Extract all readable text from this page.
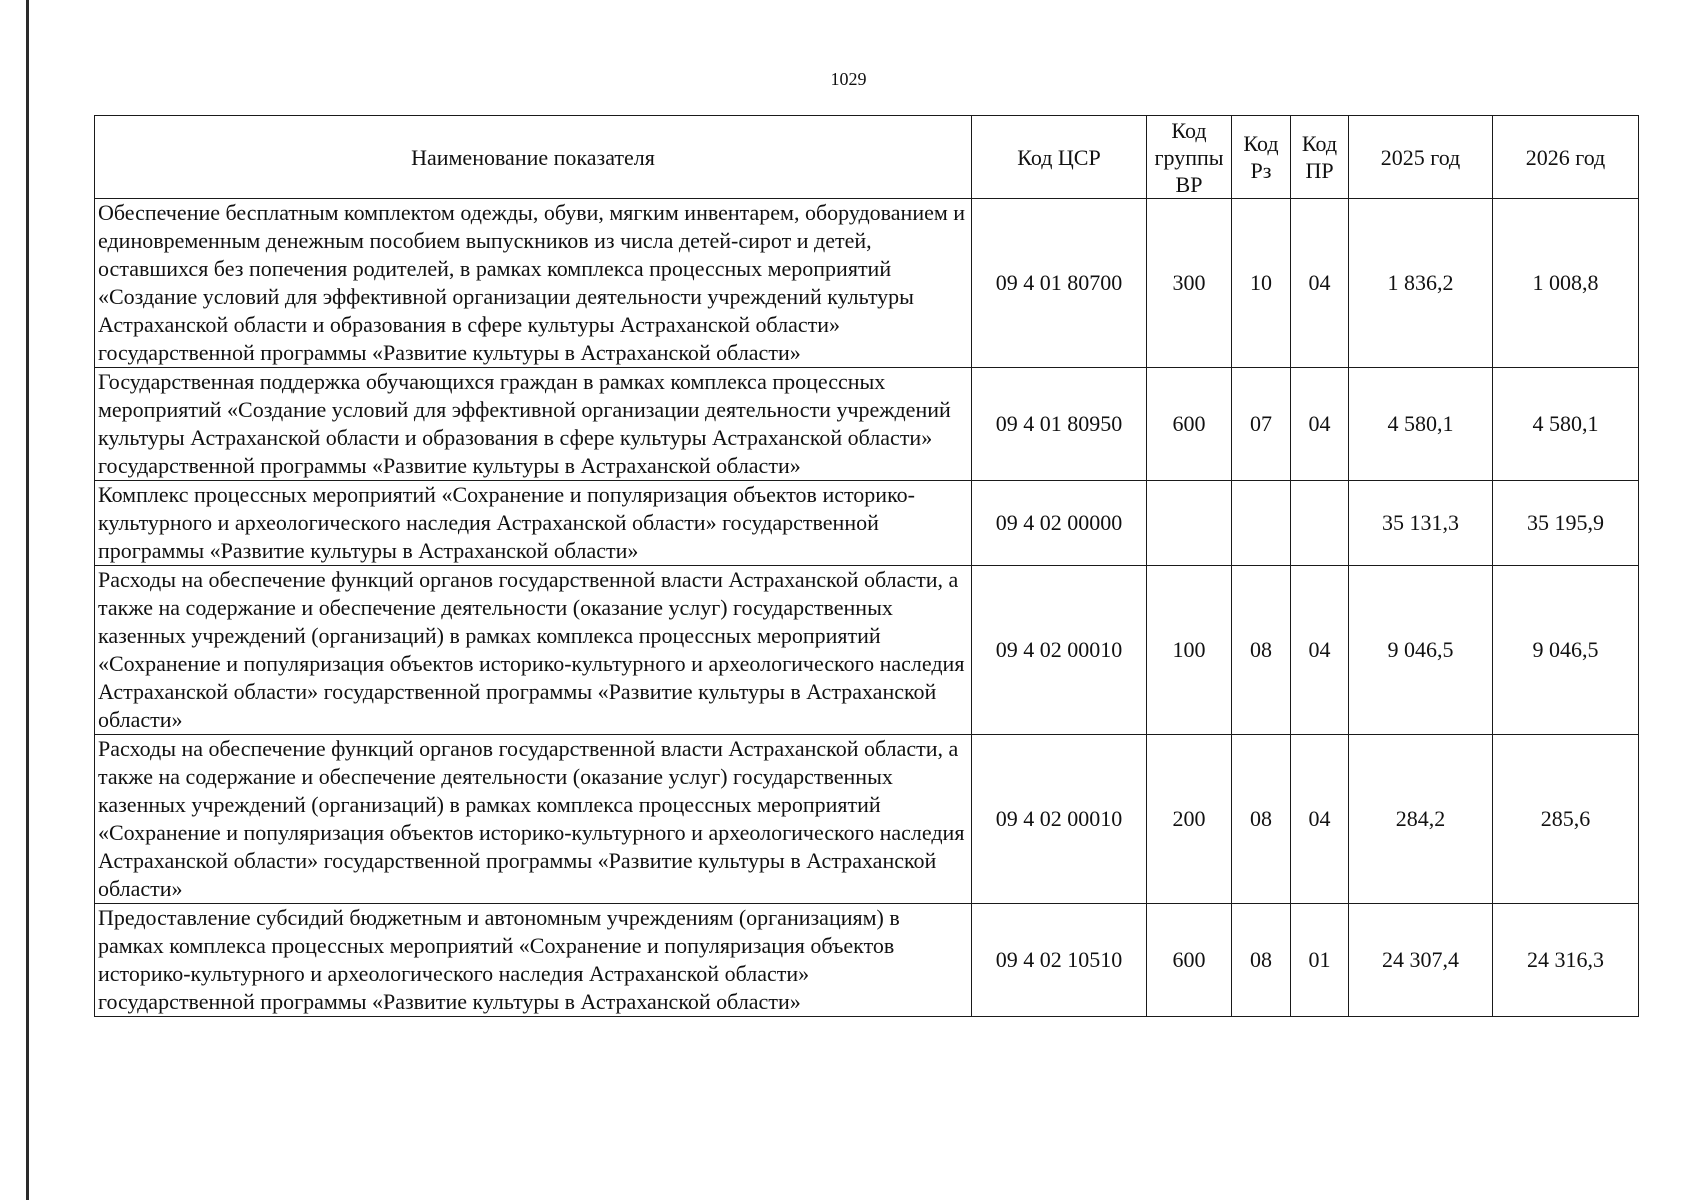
1029
Наименование показателя	Код ЦСР	Код группы ВР	Код Рз	Код ПР	2025 год	2026 год
Обеспечение бесплатным комплектом одежды, обуви, мягким инвентарем, оборудованием и единовременным денежным пособием выпускников из числа детей-сирот и детей, оставшихся без попечения родителей, в рамках комплекса процессных мероприятий «Создание условий для эффективной организации деятельности учреждений культуры Астраханской области и образования в сфере культуры Астраханской области» государственной программы «Развитие культуры в Астраханской области»	09 4 01 80700	300	10	04	1 836,2	1 008,8
Государственная поддержка обучающихся граждан в рамках комплекса процессных мероприятий «Создание условий для эффективной организации деятельности учреждений культуры Астраханской области и образования в сфере культуры Астраханской области» государственной программы «Развитие культуры в Астраханской области»	09 4 01 80950	600	07	04	4 580,1	4 580,1
Комплекс процессных мероприятий «Сохранение и популяризация объектов историко-культурного и археологического наследия Астраханской области» государственной программы «Развитие культуры в Астраханской области»	09 4 02 00000				35 131,3	35 195,9
Расходы на обеспечение функций органов государственной власти Астраханской области, а также на содержание и обеспечение деятельности (оказание услуг) государственных казенных учреждений (организаций) в рамках комплекса процессных мероприятий «Сохранение и популяризация объектов историко-культурного и археологического наследия Астраханской области» государственной программы «Развитие культуры в Астраханской области»	09 4 02 00010	100	08	04	9 046,5	9 046,5
Расходы на обеспечение функций органов государственной власти Астраханской области, а также на содержание и обеспечение деятельности (оказание услуг) государственных казенных учреждений (организаций) в рамках комплекса процессных мероприятий «Сохранение и популяризация объектов историко-культурного и археологического наследия Астраханской области» государственной программы «Развитие культуры в Астраханской области»	09 4 02 00010	200	08	04	284,2	285,6
Предоставление субсидий бюджетным и автономным учреждениям (организациям) в рамках комплекса процессных мероприятий «Сохранение и популяризация объектов историко-культурного и археологического наследия Астраханской области» государственной программы «Развитие культуры в Астраханской области»	09 4 02 10510	600	08	01	24 307,4	24 316,3
